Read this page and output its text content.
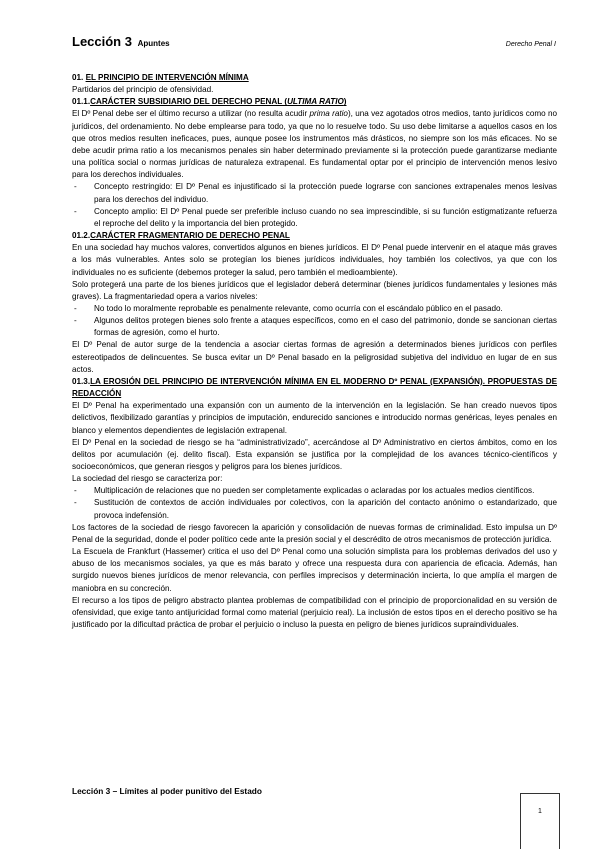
Lección 3 Apuntes	Derecho Penal I

01. EL PRINCIPIO DE INTERVENCIÓN MÍNIMA

Partidarios del principio de ofensividad.

01.1.CARÁCTER SUBSIDIARIO DEL DERECHO PENAL (ULTIMA RATIO)

El Dº Penal debe ser el último recurso a utilizar (no resulta acudir prima ratio), una vez agotados otros medios, tanto jurídicos como no jurídicos, del ordenamiento. No debe emplearse para todo, ya que no lo resuelve todo. Su uso debe limitarse a aquellos casos en los que otros medios resulten ineficaces, pues, aunque posee los instrumentos más drásticos, no siempre son los más eficaces. No se debe acudir prima ratio a los mecanismos penales sin haber determinado previamente si la protección puede garantizarse mediante una política social o normas jurídicas de naturaleza extrapenal. Es fundamental optar por el principio de intervención menos lesivo para los derechos individuales.

- Concepto restringido: El Dº Penal es injustificado si la protección puede lograrse con sanciones extrapenales menos lesivas para los derechos del individuo.
- Concepto amplio: El Dº Penal puede ser preferible incluso cuando no sea imprescindible, si su función estigmatizante refuerza el reproche del delito y la importancia del bien protegido.

01.2.CARÁCTER FRAGMENTARIO DE DERECHO PENAL

En una sociedad hay muchos valores, convertidos algunos en bienes jurídicos. El Dº Penal puede intervenir en el ataque más graves a los más vulnerables. Antes solo se protegían los bienes jurídicos individuales, hoy también los colectivos, ya que con los individuales no es suficiente (debemos proteger la salud, pero también el medioambiente).

Solo protegerá una parte de los bienes jurídicos que el legislador deberá determinar (bienes jurídicos fundamentales y lesiones más graves). La fragmentariedad opera a varios niveles:

- No todo lo moralmente reprobable es penalmente relevante, como ocurría con el escándalo público en el pasado.
- Algunos delitos protegen bienes solo frente a ataques específicos, como en el caso del patrimonio, donde se sancionan ciertas formas de agresión, como el hurto.

El Dº Penal de autor surge de la tendencia a asociar ciertas formas de agresión a determinados bienes jurídicos con perfiles estereotipados de delincuentes. Se busca evitar un Dº Penal basado en la peligrosidad subjetiva del individuo en lugar de en sus actos.

01.3.LA EROSIÓN DEL PRINCIPIO DE INTERVENCIÓN MÍNIMA EN EL MODERNO Dº PENAL (EXPANSIÓN). PROPUESTAS DE REDACCIÓN

El Dº Penal ha experimentado una expansión con un aumento de la intervención en la legislación. Se han creado nuevos tipos delictivos, flexibilizado garantías y principios de imputación, endurecido sanciones e introducido normas genéricas, leyes penales en blanco y elementos dependientes de legislación extrapenal.

El Dº Penal en la sociedad de riesgo se ha “administrativizado”, acercándose al Dº Administrativo en ciertos ámbitos, como en los delitos por acumulación (ej. delito fiscal). Esta expansión se justifica por la complejidad de los avances técnico-científicos y socioeconómicos, que generan riesgos y peligros para los bienes jurídicos.

La sociedad del riesgo se caracteriza por:

- Multiplicación de relaciones que no pueden ser completamente explicadas o aclaradas por los actuales medios científicos.
- Sustitución de contextos de acción individuales por colectivos, con la aparición del contacto anónimo o estandarizado, que provoca indefensión.

Los factores de la sociedad de riesgo favorecen la aparición y consolidación de nuevas formas de criminalidad. Esto impulsa un Dº Penal de la seguridad, donde el poder político cede ante la presión social y el descrédito de otros mecanismos de protección jurídica.

La Escuela de Frankfurt (Hassemer) critica el uso del Dº Penal como una solución simplista para los problemas derivados del uso y abuso de los mecanismos sociales, ya que es más barato y ofrece una respuesta dura con apariencia de eficacia. Además, han surgido nuevos bienes jurídicos de menor relevancia, con perfiles imprecisos y determinación incierta, lo que amplía el margen de maniobra en su concreción.

El recurso a los tipos de peligro abstracto plantea problemas de compatibilidad con el principio de proporcionalidad en su versión de ofensividad, que exige tanto antijuricidad formal como material (perjuicio real). La inclusión de estos tipos en el derecho positivo se ha justificado por la dificultad práctica de probar el perjuicio o incluso la puesta en peligro de bienes jurídicos supraindividuales.

Lección 3 – Límites al poder punitivo del Estado
1
